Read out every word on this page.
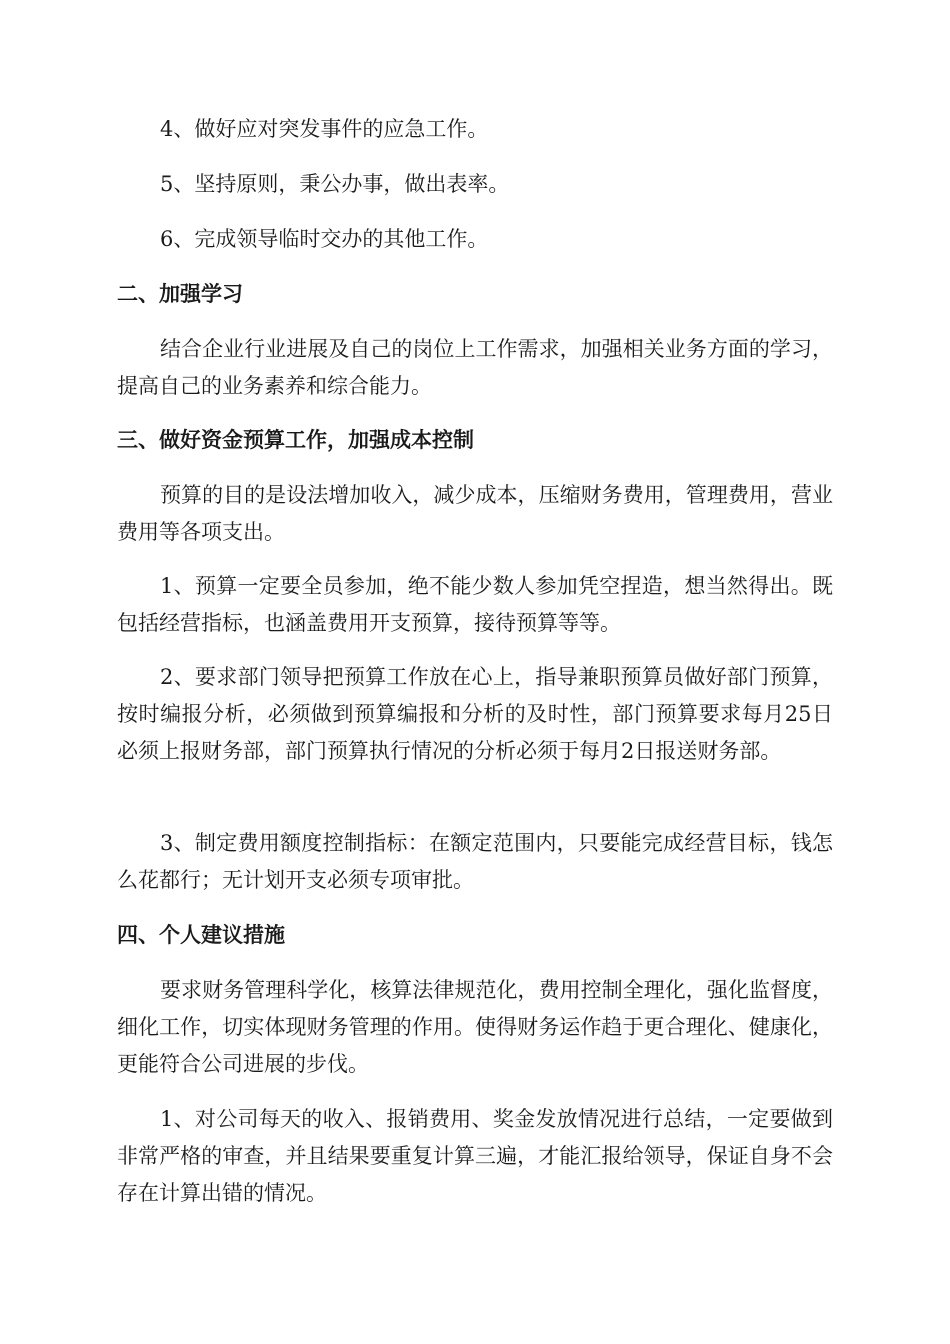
4、做好应对突发事件的应急工作。

5、坚持原则，秉公办事，做出表率。

6、完成领导临时交办的其他工作。

二、加强学习

结合企业行业进展及自己的岗位上工作需求，加强相关业务方面的学习，提高自己的业务素养和综合能力。

三、做好资金预算工作，加强成本控制

预算的目的是设法增加收入，减少成本，压缩财务费用，管理费用，营业费用等各项支出。

1、预算一定要全员参加，绝不能少数人参加凭空捏造，想当然得出。既包括经营指标，也涵盖费用开支预算，接待预算等等。

2、要求部门领导把预算工作放在心上，指导兼职预算员做好部门预算，按时编报分析，必须做到预算编报和分析的及时性，部门预算要求每月25日必须上报财务部，部门预算执行情况的分析必须于每月2日报送财务部。

3、制定费用额度控制指标：在额定范围内，只要能完成经营目标，钱怎么花都行；无计划开支必须专项审批。

四、个人建议措施

要求财务管理科学化，核算法律规范化，费用控制全理化，强化监督度，细化工作，切实体现财务管理的作用。使得财务运作趋于更合理化、健康化，更能符合公司进展的步伐。

1、对公司每天的收入、报销费用、奖金发放情况进行总结，一定要做到非常严格的审查，并且结果要重复计算三遍，才能汇报给领导，保证自身不会存在计算出错的情况。
